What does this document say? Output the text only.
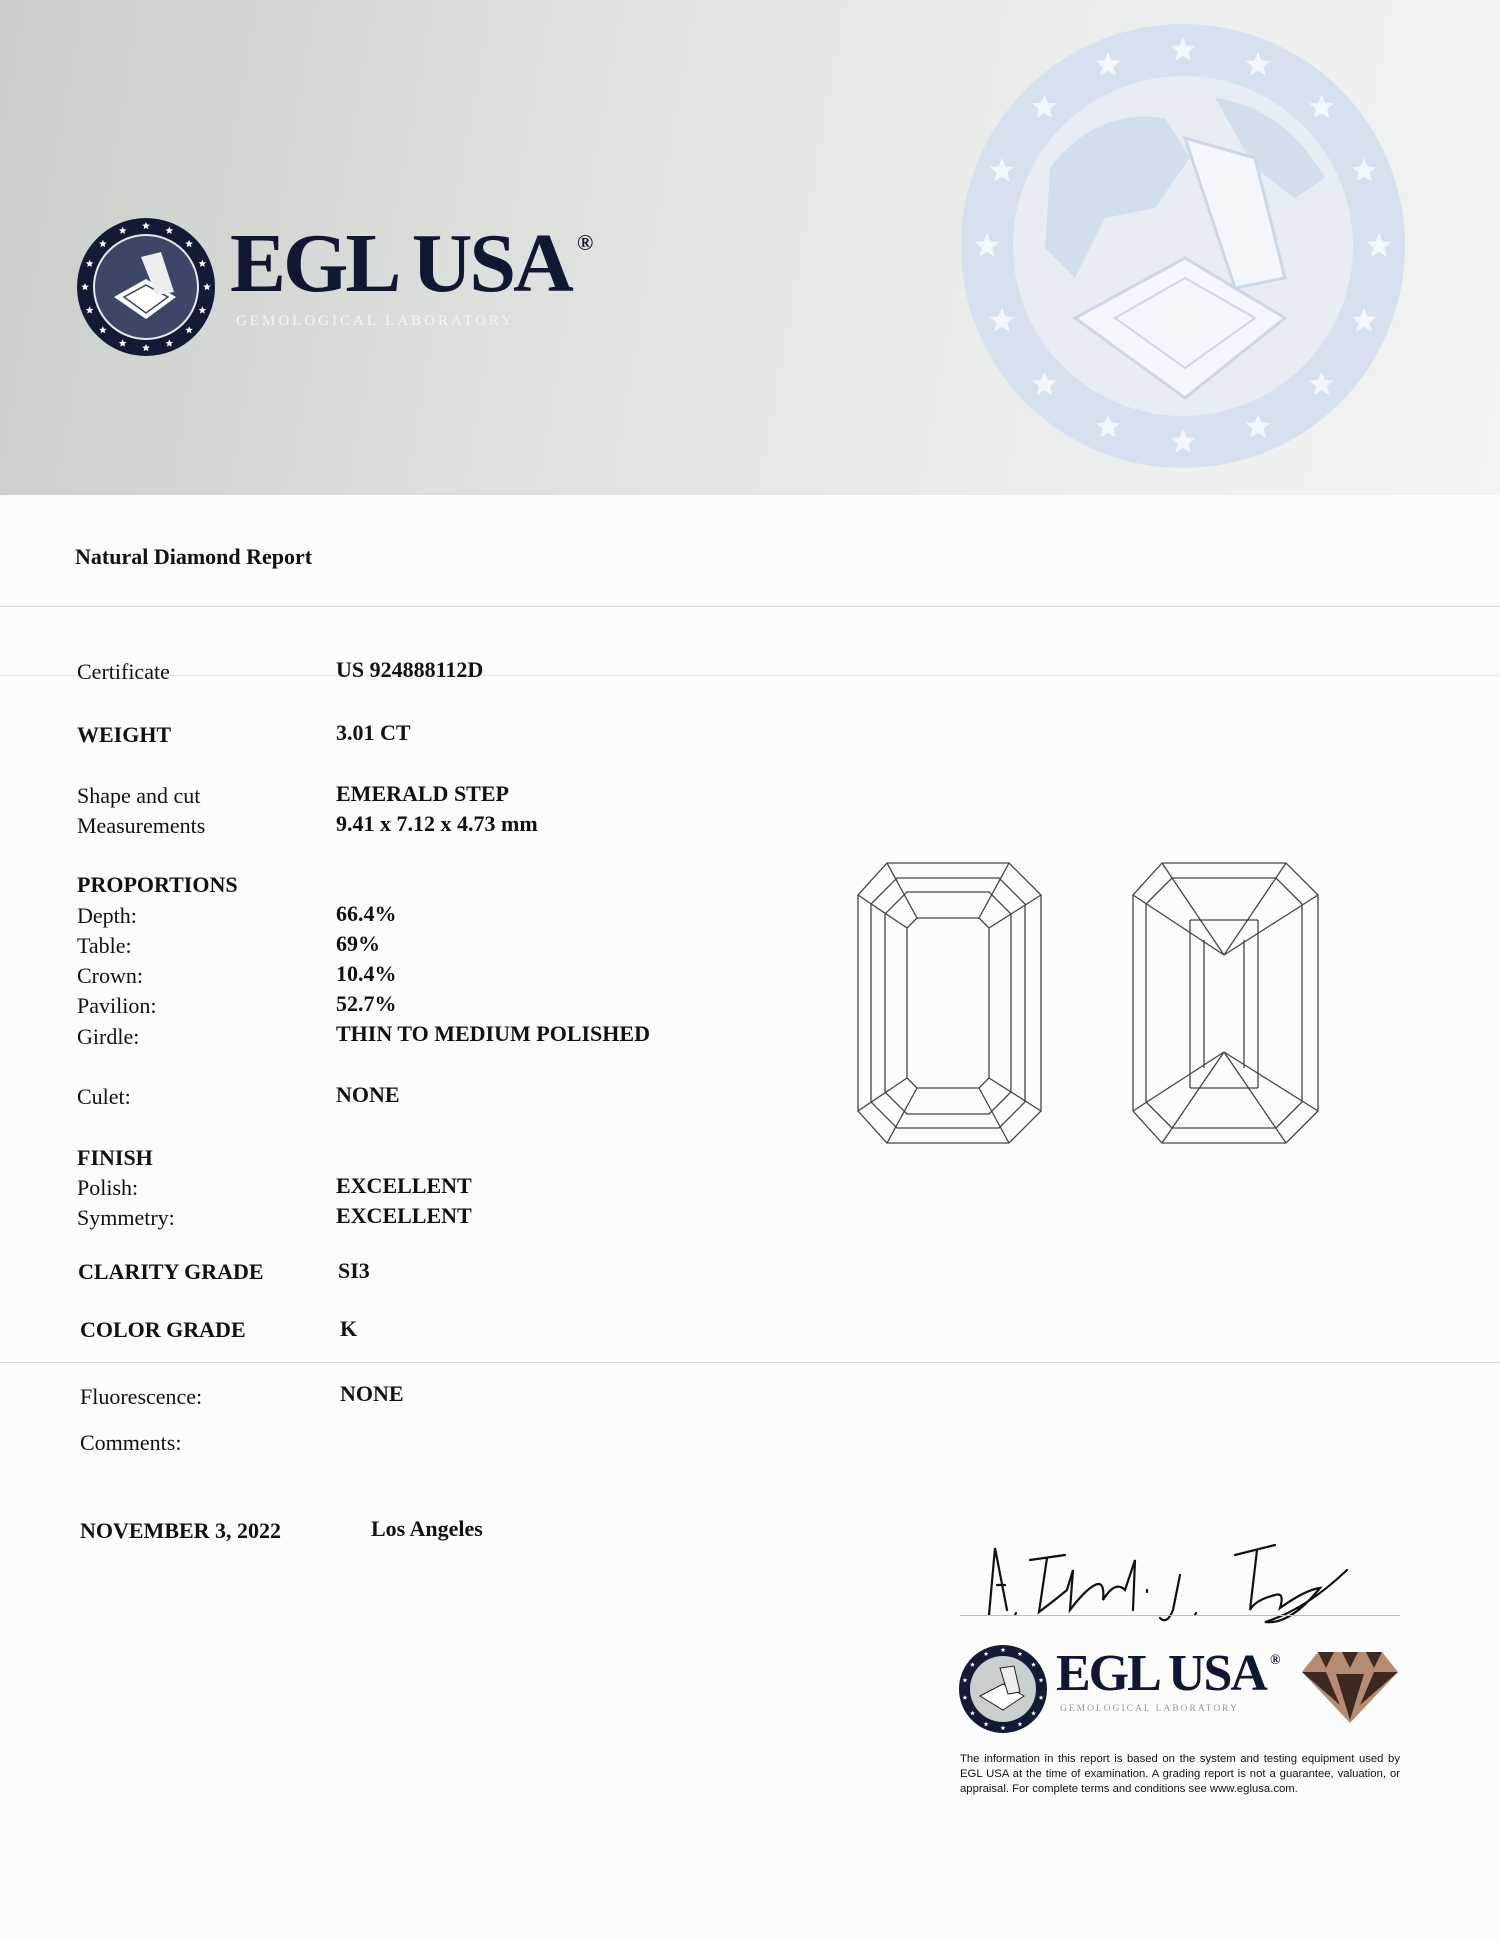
EGL USA ®
GEMOLOGICAL LABORATORY
Natural Diamond Report
Certificate	US 924888112D
WEIGHT	3.01 CT
Shape and cut	EMERALD STEP
Measurements	9.41 x 7.12 x 4.73 mm
PROPORTIONS
Depth:	66.4%
Table:	69%
Crown:	10.4%
Pavilion:	52.7%
Girdle:	THIN TO MEDIUM POLISHED
Culet:	NONE
FINISH
Polish:	EXCELLENT
Symmetry:	EXCELLENT
CLARITY GRADE	SI3
COLOR GRADE	K
Fluorescence:	NONE
Comments:
NOVEMBER 3, 2022	Los Angeles
EGL USA ®
GEMOLOGICAL LABORATORY
The information in this report is based on the system and testing equipment used by EGL USA at the time of examination. A grading report is not a guarantee, valuation, or appraisal. For complete terms and conditions see www.eglusa.com.
